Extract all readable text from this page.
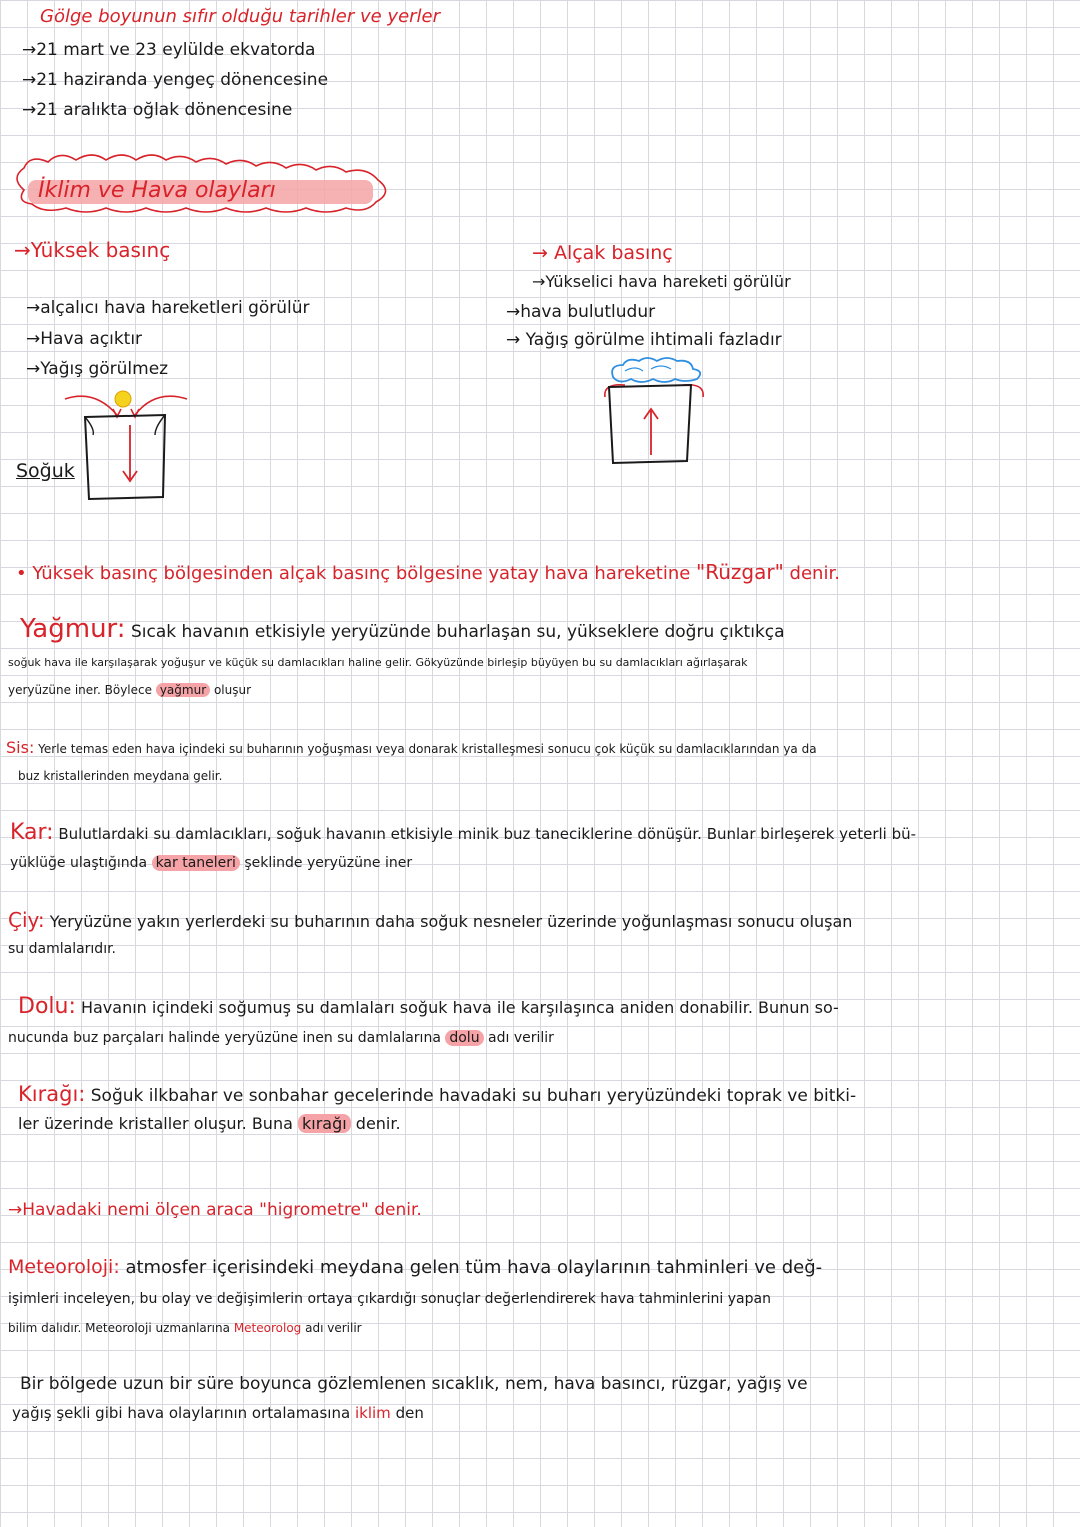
Gölge boyunun sıfır olduğu tarihler ve yerler
→21 mart ve 23 eylülde ekvatorda
→21 haziranda yengeç dönencesine
→21 aralıkta oğlak dönencesine
İklim ve Hava olayları
→Yüksek basınç
→alçalıcı hava hareketleri görülür
→Hava açıktır
→Yağış görülmez
Soğuk
→ Alçak basınç
→Yükselici hava hareketi görülür
→hava bulutludur
→ Yağış görülme ihtimali fazladır
• Yüksek basınç bölgesinden alçak basınç bölgesine yatay hava hareketine "Rüzgar" denir.
Yağmur: Sıcak havanın etkisiyle yeryüzünde buharlaşan su, yükseklere doğru çıktıkça
soğuk hava ile karşılaşarak yoğuşur ve küçük su damlacıkları haline gelir. Gökyüzünde birleşip büyüyen bu su damlacıkları ağırlaşarak
yeryüzüne iner. Böylece yağmur oluşur
Sis: Yerle temas eden hava içindeki su buharının yoğuşması veya donarak kristalleşmesi sonucu çok küçük su damlacıklarından ya da
buz kristallerinden meydana gelir.
Kar: Bulutlardaki su damlacıkları, soğuk havanın etkisiyle minik buz taneciklerine dönüşür. Bunlar birleşerek yeterli bü-
yüklüğe ulaştığında kar taneleri şeklinde yeryüzüne iner
Çiy: Yeryüzüne yakın yerlerdeki su buharının daha soğuk nesneler üzerinde yoğunlaşması sonucu oluşan
su damlalarıdır.
Dolu: Havanın içindeki soğumuş su damlaları soğuk hava ile karşılaşınca aniden donabilir. Bunun so-
nucunda buz parçaları halinde yeryüzüne inen su damlalarına dolu adı verilir
Kırağı: Soğuk ilkbahar ve sonbahar gecelerinde havadaki su buharı yeryüzündeki toprak ve bitki-
ler üzerinde kristaller oluşur. Buna kırağı denir.
→Havadaki nemi ölçen araca "higrometre" denir.
Meteoroloji: atmosfer içerisindeki meydana gelen tüm hava olaylarının tahminleri ve değ-
işimleri inceleyen, bu olay ve değişimlerin ortaya çıkardığı sonuçlar değerlendirerek hava tahminlerini yapan
bilim dalıdır. Meteoroloji uzmanlarına Meteorolog adı verilir
Bir bölgede uzun bir süre boyunca gözlemlenen sıcaklık, nem, hava basıncı, rüzgar, yağış ve
yağış şekli gibi hava olaylarının ortalamasına iklim den
